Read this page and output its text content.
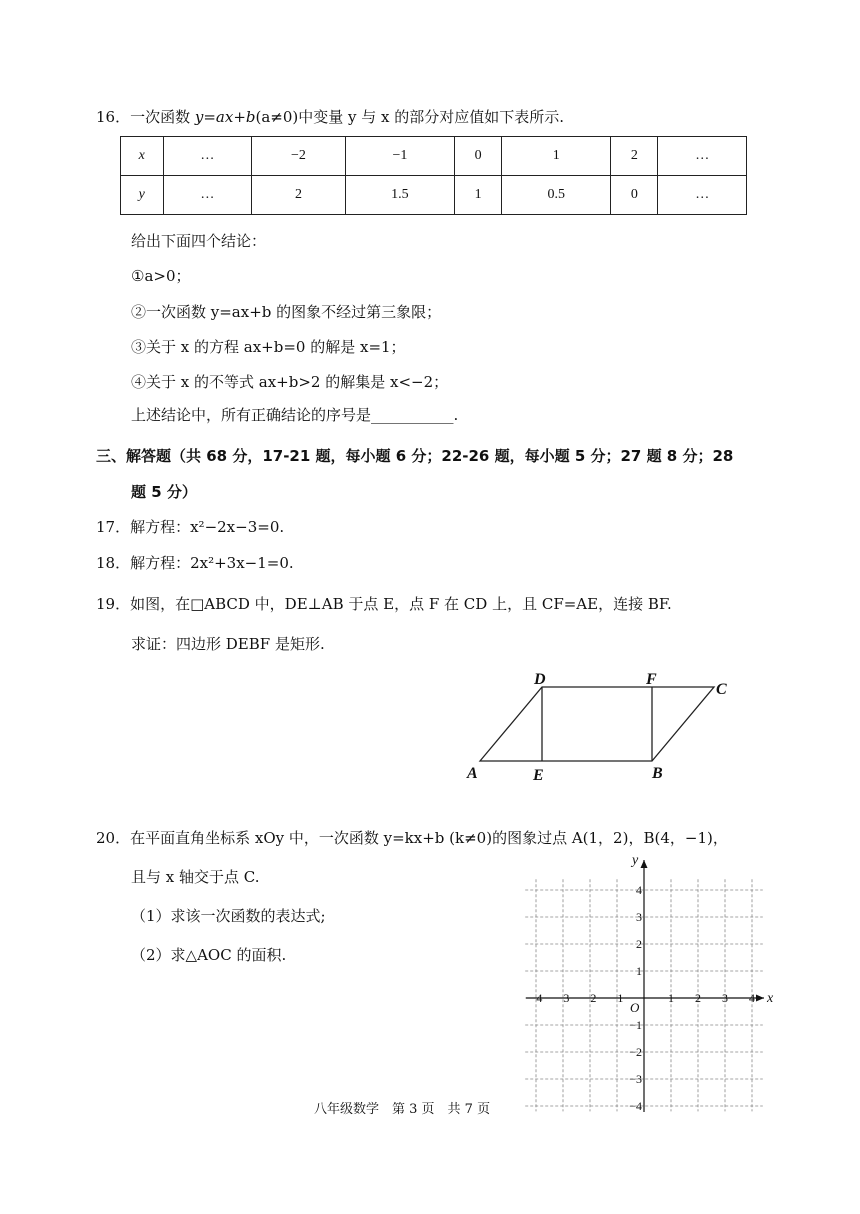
16．一次函数 y=ax+b(a≠0)中变量 y 与 x 的部分对应值如下表所示.
x	…	−2	−1	0	1	2	…
y	…	2	1.5	1	0.5	0	…
给出下面四个结论：
①a>0；
②一次函数 y=ax+b 的图象不经过第三象限；
③关于 x 的方程 ax+b=0 的解是 x=1；
④关于 x 的不等式 ax+b>2 的解集是 x<−2；
上述结论中，所有正确结论的序号是___________.
三、解答题（共 68 分，17-21 题，每小题 6 分；22-26 题，每小题 5 分；27 题 8 分；28
题 5 分）
17．解方程：x²−2x−3=0.
18．解方程：2x²+3x−1=0.
19．如图，在□ABCD 中，DE⊥AB 于点 E，点 F 在 CD 上，且 CF=AE，连接 BF.
求证：四边形 DEBF 是矩形.
D	F
C
A	E	B
20．在平面直角坐标系 xOy 中，一次函数 y=kx+b (k≠0)的图象过点 A(1，2)，B(4，−1)，
且与 x 轴交于点 C.
（1）求该一次函数的表达式;
（2）求△AOC 的面积.
x
y
O
−4 −3 −2 −1	1 2 3 4
4
3
2
1
−1
−2
−3
−4
八年级数学　第 3 页　共 7 页
